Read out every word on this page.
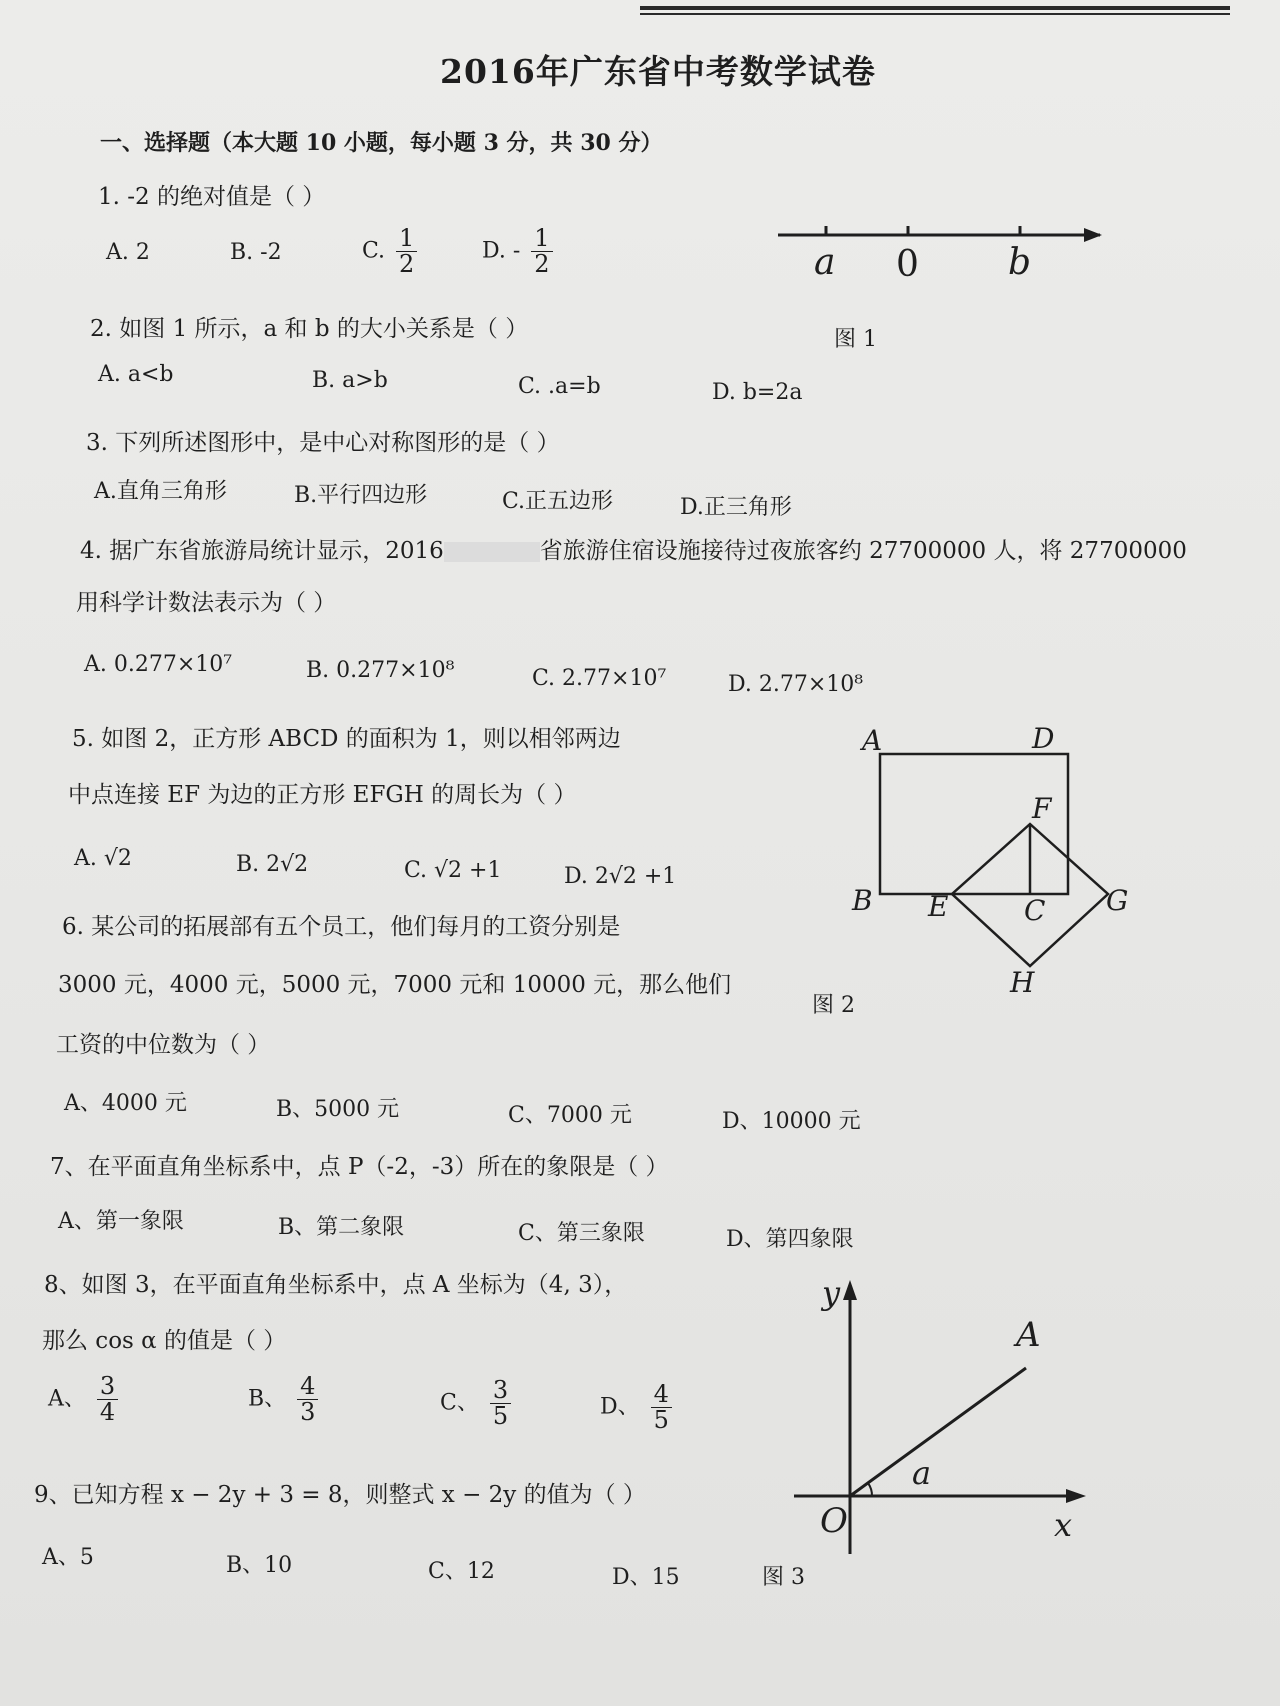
2016年广东省中考数学试卷
一、选择题（本大题 10 小题，每小题 3 分，共 30 分）
1. -2 的绝对值是（ ）
A. 2	B. -2	C. $\frac{1}{2}$	D. - $\frac{1}{2}$	a 0 b
图 1
2. 如图 1 所示，a 和 b 的大小关系是（ ）
A. a<b	B. a>b	C. .a=b	D. b=2a
3. 下列所述图形中，是中心对称图形的是（ ）
A.直角三角形	B.平行四边形	C.正五边形	D.正三角形
4. 据广东省旅游局统计显示，2016	省旅游住宿设施接待过夜旅客约 27700000 人，将 27700000
用科学计数法表示为（ ）
A. 0.277×10⁷	B. 0.277×10⁸	C. 2.77×10⁷	D. 2.77×10⁸
5. 如图 2，正方形 ABCD 的面积为 1，则以相邻两边
中点连接 EF 为边的正方形 EFGH 的周长为（ ）
A. √2	B. 2√2	C. √2 +1	D. 2√2 +1
A	D
F
B E	C G
H
图 2
6. 某公司的拓展部有五个员工，他们每月的工资分别是
3000 元，4000 元，5000 元，7000 元和 10000 元，那么他们
工资的中位数为（ ）
A、4000 元	B、5000 元	C、7000 元	D、10000 元
7、在平面直角坐标系中，点 P（-2，-3）所在的象限是（ ）
A、第一象限	B、第二象限	C、第三象限	D、第四象限
8、如图 3，在平面直角坐标系中，点 A 坐标为（4, 3），
那么 cos α 的值是（ ）
A、 $\frac{3}{4}$	B、 $\frac{4}{3}$	C、 $\frac{3}{5}$	D、 $\frac{4}{5}$
y
x
O
A
a
图 3
9、已知方程 x − 2y + 3 = 8，则整式 x − 2y 的值为（ ）
A、5	B、10	C、12	D、15
